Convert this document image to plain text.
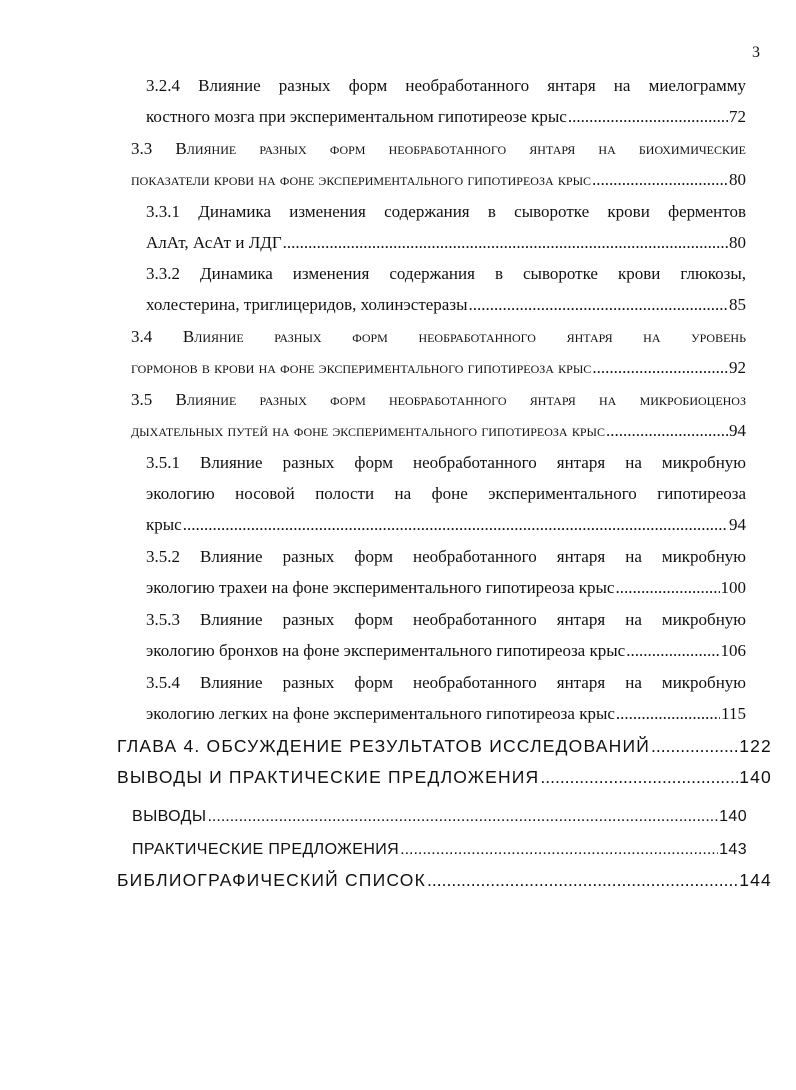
3
3.2.4 Влияние разных форм необработанного янтаря на миелограмму
костного мозга при экспериментальном гипотиреозе крыс .....	72
3.3 Влияние разных форм необработанного янтаря на биохимические
показатели крови на фоне экспериментального гипотиреоза крыс .....	80
3.3.1 Динамика изменения содержания в сыворотке крови ферментов
АлАт, АсАт и ЛДГ .....	80
3.3.2 Динамика изменения содержания в сыворотке крови глюкозы,
холестерина, триглицеридов, холинэстеразы .....	85
3.4 Влияние разных форм необработанного янтаря на уровень
гормонов в крови на фоне экспериментального гипотиреоза крыс .....	92
3.5 Влияние разных форм необработанного янтаря на микробиоценоз
дыхательных путей на фоне экспериментального гипотиреоза крыс .....	94
3.5.1 Влияние разных форм необработанного янтаря на микробную
экологию носовой полости на фоне экспериментального гипотиреоза
крыс .....	94
3.5.2 Влияние разных форм необработанного янтаря на микробную
экологию трахеи на фоне экспериментального гипотиреоза крыс .....	100
3.5.3 Влияние разных форм необработанного янтаря на микробную
экологию бронхов на фоне экспериментального гипотиреоза крыс .....	106
3.5.4 Влияние разных форм необработанного янтаря на микробную
экологию легких на фоне экспериментального гипотиреоза крыс .....	115
ГЛАВА 4. ОБСУЖДЕНИЕ РЕЗУЛЬТАТОВ ИССЛЕДОВАНИЙ .....	122
ВЫВОДЫ И ПРАКТИЧЕСКИЕ ПРЕДЛОЖЕНИЯ .....	140
ВЫВОДЫ .....	140
ПРАКТИЧЕСКИЕ ПРЕДЛОЖЕНИЯ .....	143
БИБЛИОГРАФИЧЕСКИЙ СПИСОК .....	144
